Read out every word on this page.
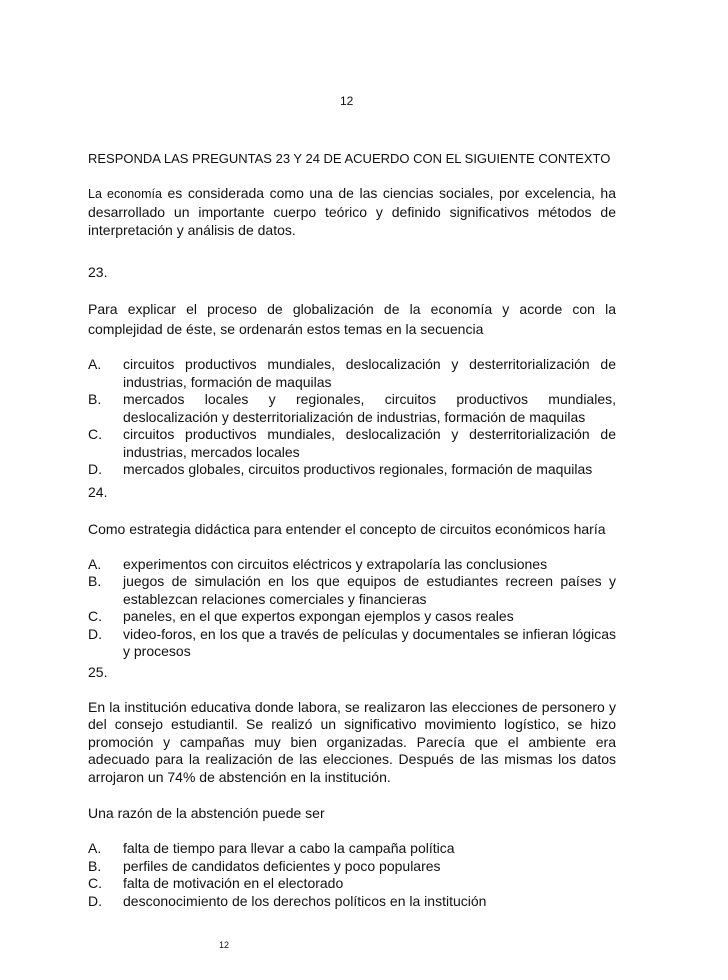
12

RESPONDA LAS PREGUNTAS 23 Y 24 DE ACUERDO CON EL SIGUIENTE CONTEXTO

La economía es considerada como una de las ciencias sociales, por excelencia, ha desarrollado un importante cuerpo teórico y definido significativos métodos de interpretación y análisis de datos.

23.

Para explicar el proceso de globalización de la economía y acorde con la complejidad de éste, se ordenarán estos temas en la secuencia

A.	circuitos productivos mundiales, deslocalización y desterritorialización de industrias, formación de maquilas
B.	mercados locales y regionales, circuitos productivos mundiales, deslocalización y desterritorialización de industrias, formación de maquilas
C.	circuitos productivos mundiales, deslocalización y desterritorialización de industrias, mercados locales
D.	mercados globales, circuitos productivos regionales, formación de maquilas

24.

Como estrategia didáctica para entender el concepto de circuitos económicos haría

A.	experimentos con circuitos eléctricos y extrapolaría las conclusiones
B.	juegos de simulación en los que equipos de estudiantes recreen países y establezcan relaciones comerciales y financieras
C.	paneles, en el que expertos expongan ejemplos y casos reales
D.	video-foros, en los que a través de películas y documentales se infieran lógicas y procesos

25.

En la institución educativa donde labora, se realizaron las elecciones de personero y del consejo estudiantil. Se realizó un significativo movimiento logístico, se hizo promoción y campañas muy bien organizadas. Parecía que el ambiente era adecuado para la realización de las elecciones. Después de las mismas los datos arrojaron un 74% de abstención en la institución.

Una razón de la abstención puede ser

A.	falta de tiempo para llevar a cabo la campaña política
B.	perfiles de candidatos deficientes y poco populares
C.	falta de motivación en el electorado
D.	desconocimiento de los derechos políticos en la institución
12
